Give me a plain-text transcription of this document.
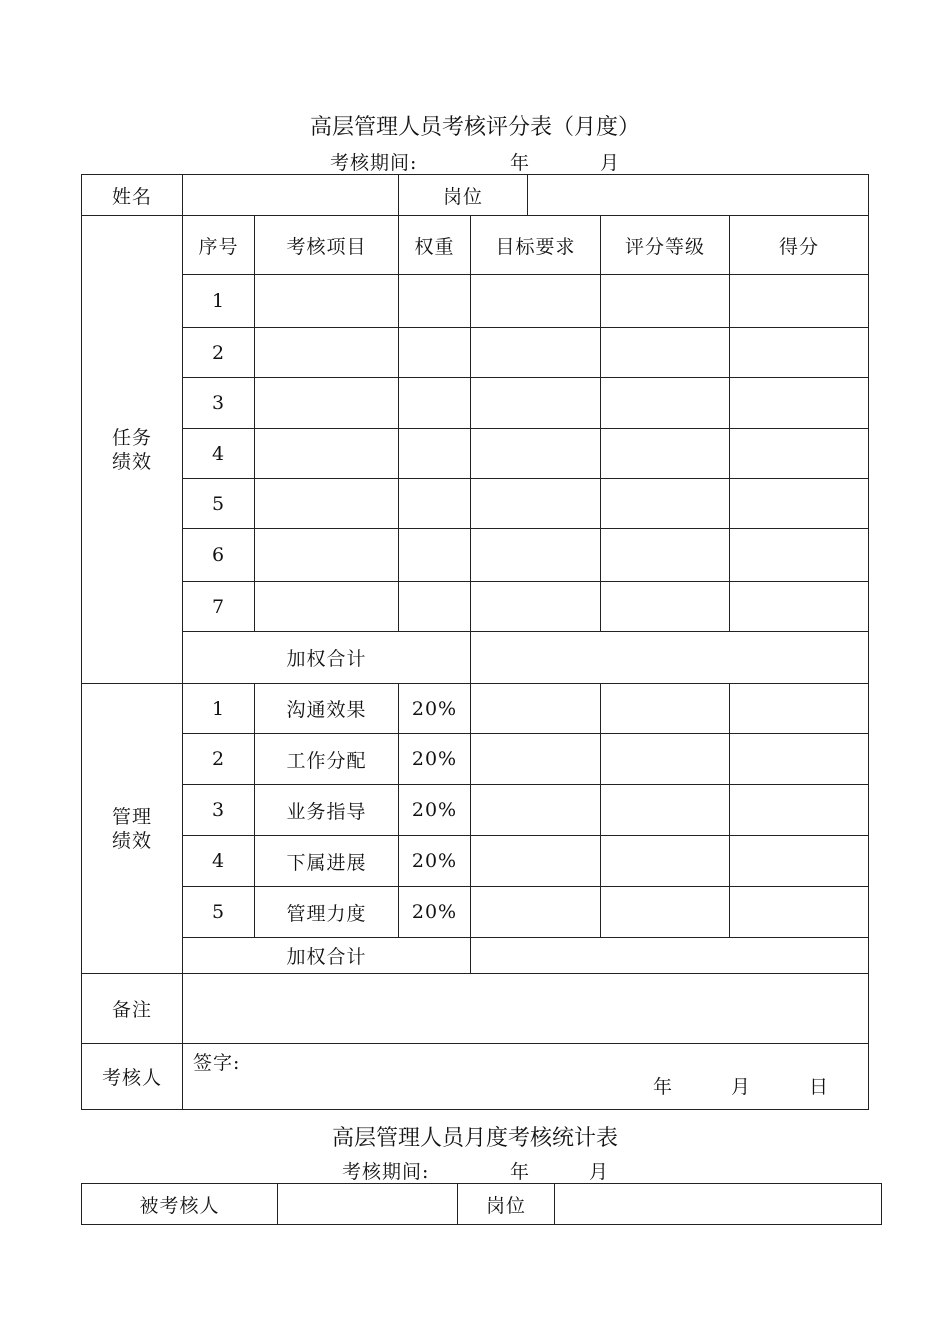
高层管理人员考核评分表（月度）
考核期间:	年	月
姓名		岗位	
任务
绩效	序号	考核项目	权重	目标要求	评分等级	得分
	1					
	2					
	3					
	4					
	5					
	6					
	7					
	加权合计					
管理
绩效	1	沟通效果	20%			
	2	工作分配	20%			
	3	业务指导	20%			
	4	下属进展	20%			
	5	管理力度	20%			
	加权合计					
备注						
考核人	签字:
年 月 日					
高层管理人员月度考核统计表
考核期间:	年	月
被考核人		岗位	
